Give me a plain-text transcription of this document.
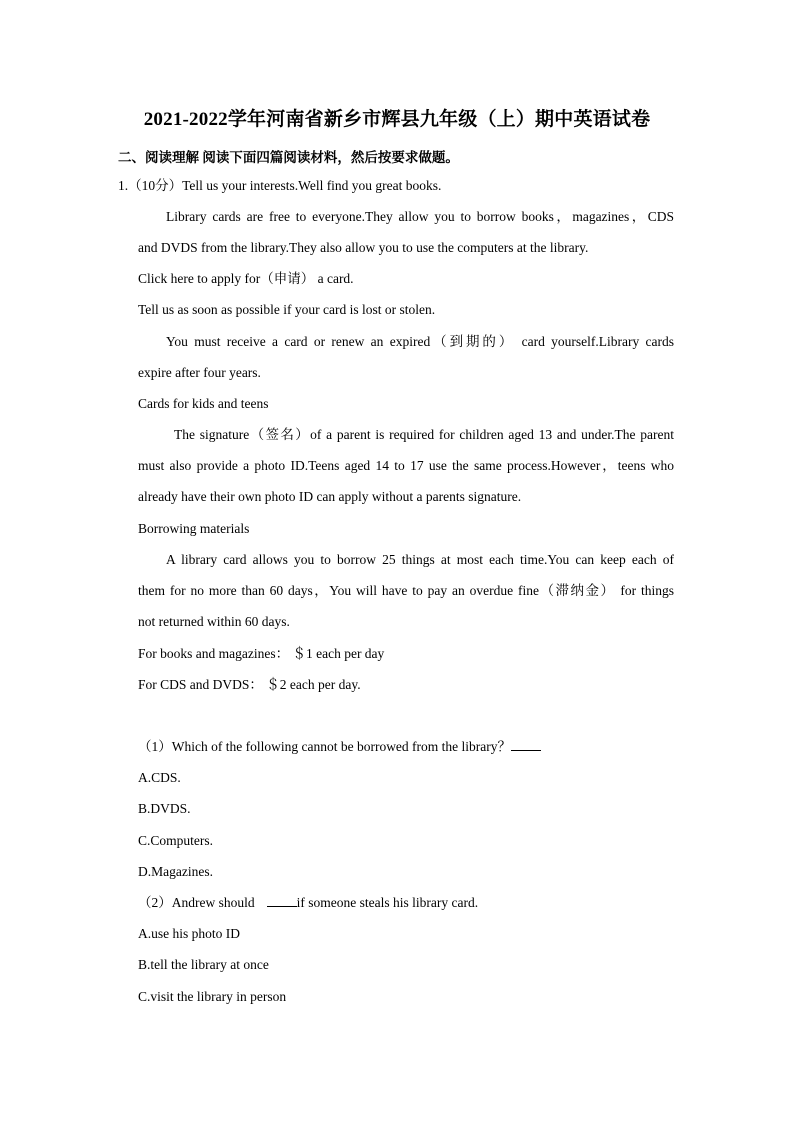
2021-2022学年河南省新乡市辉县九年级（上）期中英语试卷
二、阅读理解 阅读下面四篇阅读材料，然后按要求做题。
1.（10分）Tell us your interests.Well find you great books.
Library cards are free to everyone.They allow you to borrow books，magazines，CDS
and DVDS from the library.They also allow you to use the computers at the library.
Click here to apply for（申请） a card.
Tell us as soon as possible if your card is lost or stolen.
You must receive a card or renew an expired（到期的） card yourself.Library cards
expire after four years.
Cards for kids and teens
The signature（签名）of a parent is required for children aged 13 and under.The parent
must also provide a photo ID.Teens aged 14 to 17 use the same process.However，teens who
already have their own photo ID can apply without a parents signature.
Borrowing materials
A library card allows you to borrow 25 things at most each time.You can keep each of
them for no more than 60 days，You will have to pay an overdue fine（滞纳金） for things
not returned within 60 days.
For books and magazines： ＄1 each per day
For CDS and DVDS： ＄2 each per day.
（1）Which of the following cannot be borrowed from the library？
A.CDS.
B.DVDS.
C.Computers.
D.Magazines.
（2）Andrew should	if someone steals his library card.
A.use his photo ID
B.tell the library at once
C.visit the library in person
